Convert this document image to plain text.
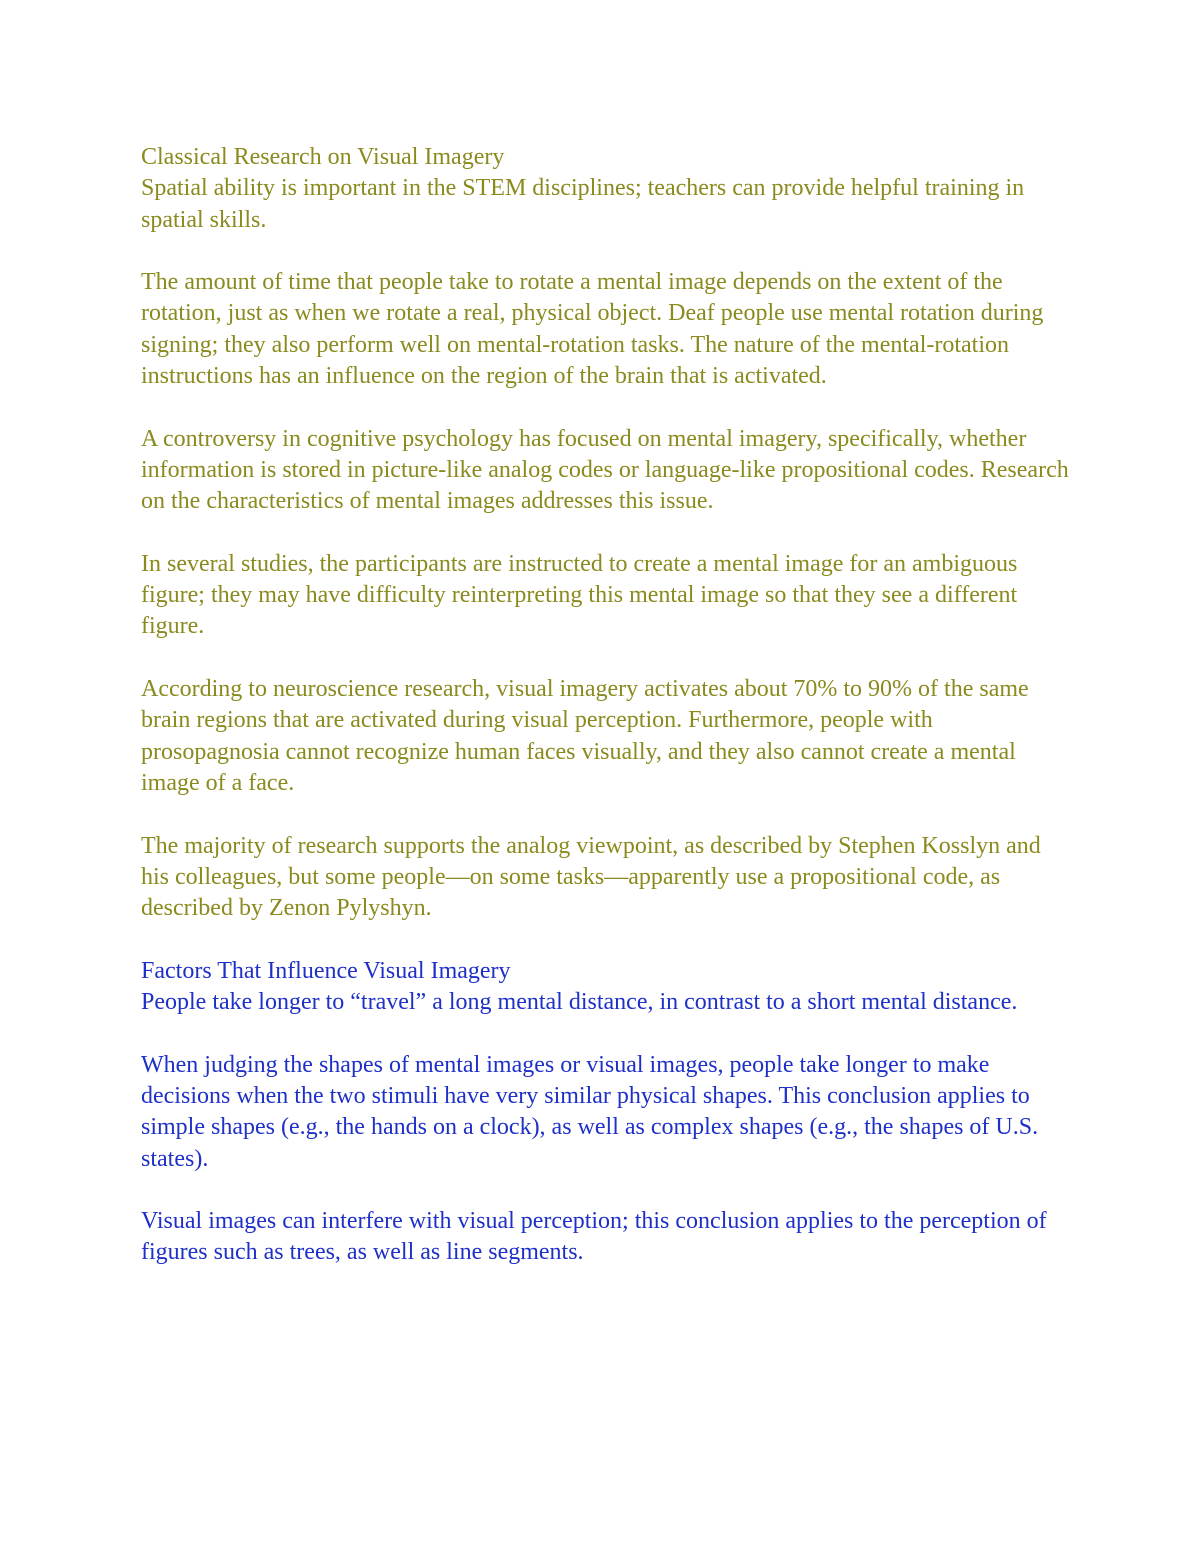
Classical Research on Visual Imagery
Spatial ability is important in the STEM disciplines; teachers can provide helpful training in spatial skills.

The amount of time that people take to rotate a mental image depends on the extent of the rotation, just as when we rotate a real, physical object. Deaf people use mental rotation during signing; they also perform well on mental-rotation tasks. The nature of the mental-rotation instructions has an influence on the region of the brain that is activated.

A controversy in cognitive psychology has focused on mental imagery, specifically, whether information is stored in picture-like analog codes or language-like propositional codes. Research on the characteristics of mental images addresses this issue.

In several studies, the participants are instructed to create a mental image for an ambiguous figure; they may have difficulty reinterpreting this mental image so that they see a different figure.

According to neuroscience research, visual imagery activates about 70% to 90% of the same brain regions that are activated during visual perception. Furthermore, people with prosopagnosia cannot recognize human faces visually, and they also cannot create a mental image of a face.

The majority of research supports the analog viewpoint, as described by Stephen Kosslyn and his colleagues, but some people—on some tasks—apparently use a propositional code, as described by Zenon Pylyshyn.

Factors That Influence Visual Imagery
People take longer to “travel” a long mental distance, in contrast to a short mental distance.

When judging the shapes of mental images or visual images, people take longer to make decisions when the two stimuli have very similar physical shapes. This conclusion applies to simple shapes (e.g., the hands on a clock), as well as complex shapes (e.g., the shapes of U.S. states).

Visual images can interfere with visual perception; this conclusion applies to the perception of figures such as trees, as well as line segments.
